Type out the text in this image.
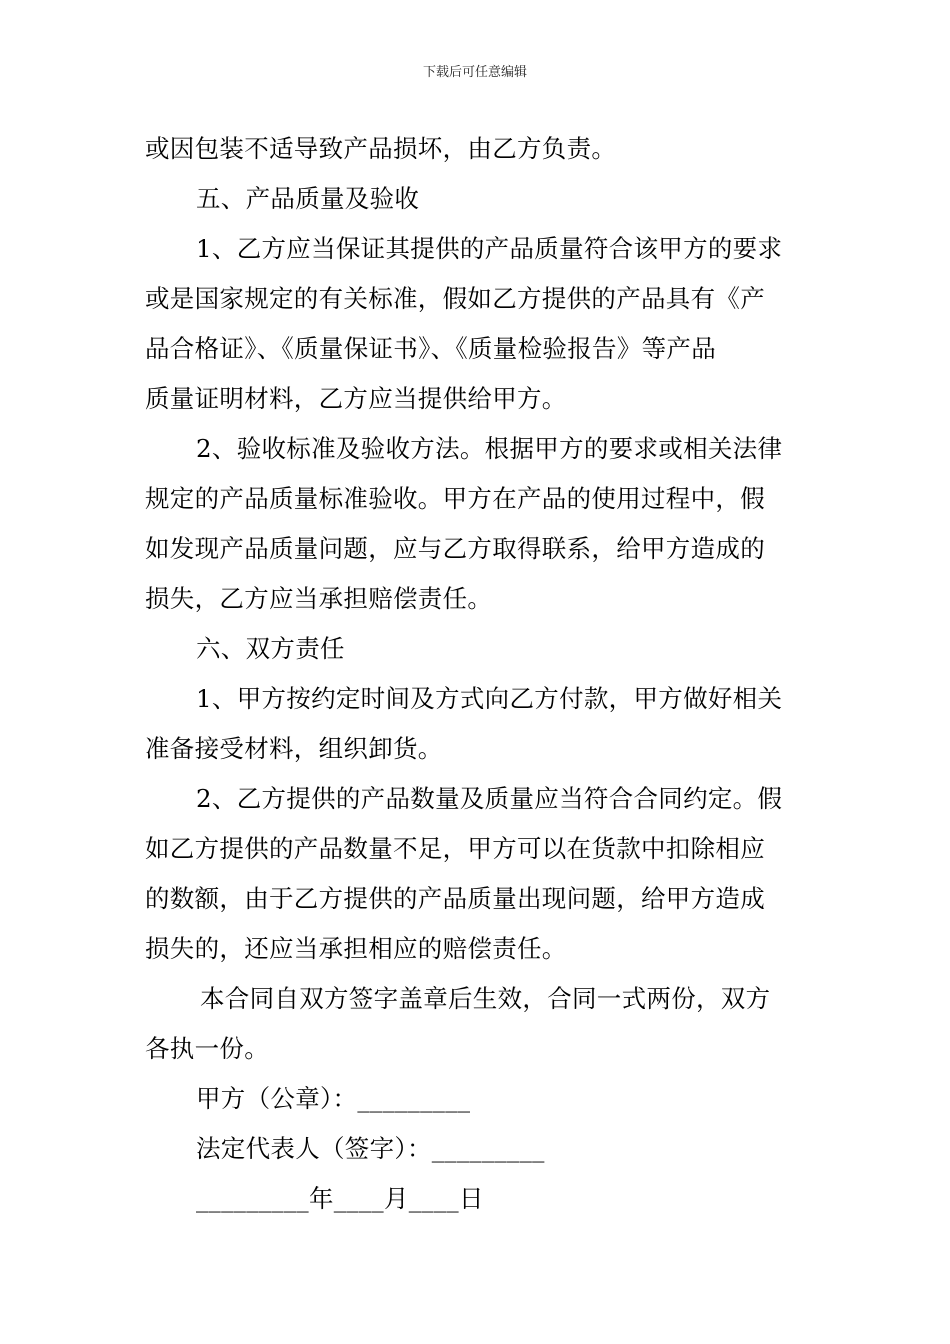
下载后可任意编辑
或因包装不适导致产品损坏，由乙方负责。
五、产品质量及验收
1、乙方应当保证其提供的产品质量符合该甲方的要求
或是国家规定的有关标准，假如乙方提供的产品具有《产
品合格证》、《质量保证书》、《质量检验报告》等产品
质量证明材料，乙方应当提供给甲方。
2、验收标准及验收方法。根据甲方的要求或相关法律
规定的产品质量标准验收。甲方在产品的使用过程中，假
如发现产品质量问题，应与乙方取得联系，给甲方造成的
损失，乙方应当承担赔偿责任。
六、双方责任
1、甲方按约定时间及方式向乙方付款，甲方做好相关
准备接受材料，组织卸货。
2、乙方提供的产品数量及质量应当符合合同约定。假
如乙方提供的产品数量不足，甲方可以在货款中扣除相应
的数额，由于乙方提供的产品质量出现问题，给甲方造成
损失的，还应当承担相应的赔偿责任。
本合同自双方签字盖章后生效，合同一式两份，双方
各执一份。
甲方（公章）：_________
法定代表人（签字）：_________
_________年____月____日
